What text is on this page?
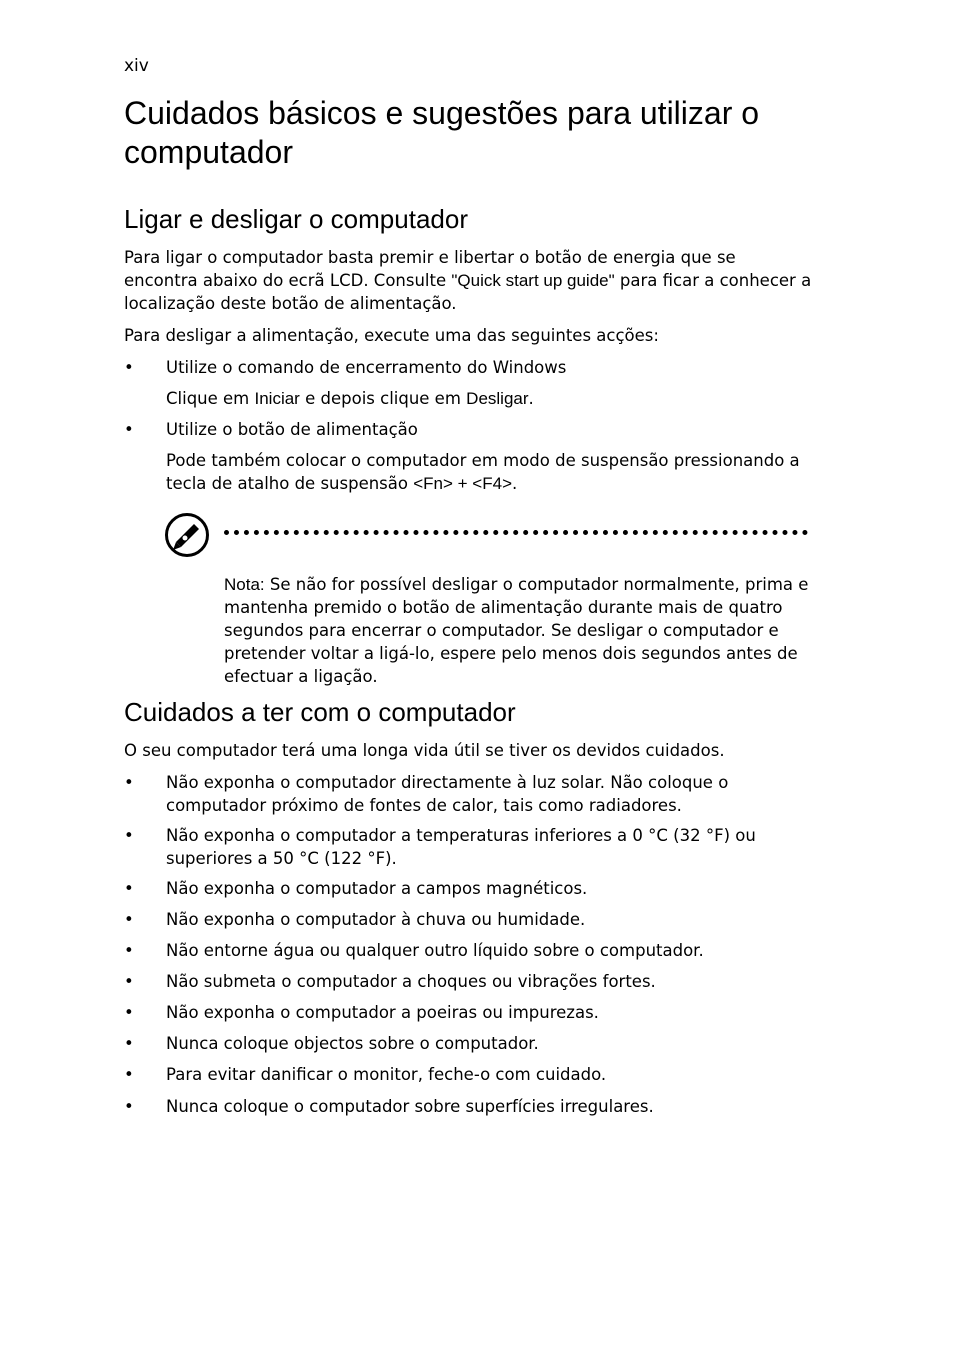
xiv
Cuidados básicos e sugestões para utilizar o computador
Ligar e desligar o computador

Para ligar o computador basta premir e libertar o botão de energia que se encontra abaixo do ecrã LCD. Consulte "Quick start up guide" para ficar a conhecer a localização deste botão de alimentação.

Para desligar a alimentação, execute uma das seguintes acções:

• Utilize o comando de encerramento do Windows

Clique em Iniciar e depois clique em Desligar.

• Utilize o botão de alimentação

Pode também colocar o computador em modo de suspensão pressionando a tecla de atalho de suspensão <Fn> + <F4>.

Nota: Se não for possível desligar o computador normalmente, prima e mantenha premido o botão de alimentação durante mais de quatro segundos para encerrar o computador. Se desligar o computador e pretender voltar a ligá-lo, espere pelo menos dois segundos antes de efectuar a ligação.

Cuidados a ter com o computador

O seu computador terá uma longa vida útil se tiver os devidos cuidados.

• Não exponha o computador directamente à luz solar. Não coloque o computador próximo de fontes de calor, tais como radiadores.
• Não exponha o computador a temperaturas inferiores a 0 °C (32 °F) ou superiores a 50 °C (122 °F).
• Não exponha o computador a campos magnéticos.
• Não exponha o computador à chuva ou humidade.
• Não entorne água ou qualquer outro líquido sobre o computador.
• Não submeta o computador a choques ou vibrações fortes.
• Não exponha o computador a poeiras ou impurezas.
• Nunca coloque objectos sobre o computador.
• Para evitar danificar o monitor, feche-o com cuidado.
• Nunca coloque o computador sobre superfícies irregulares.
